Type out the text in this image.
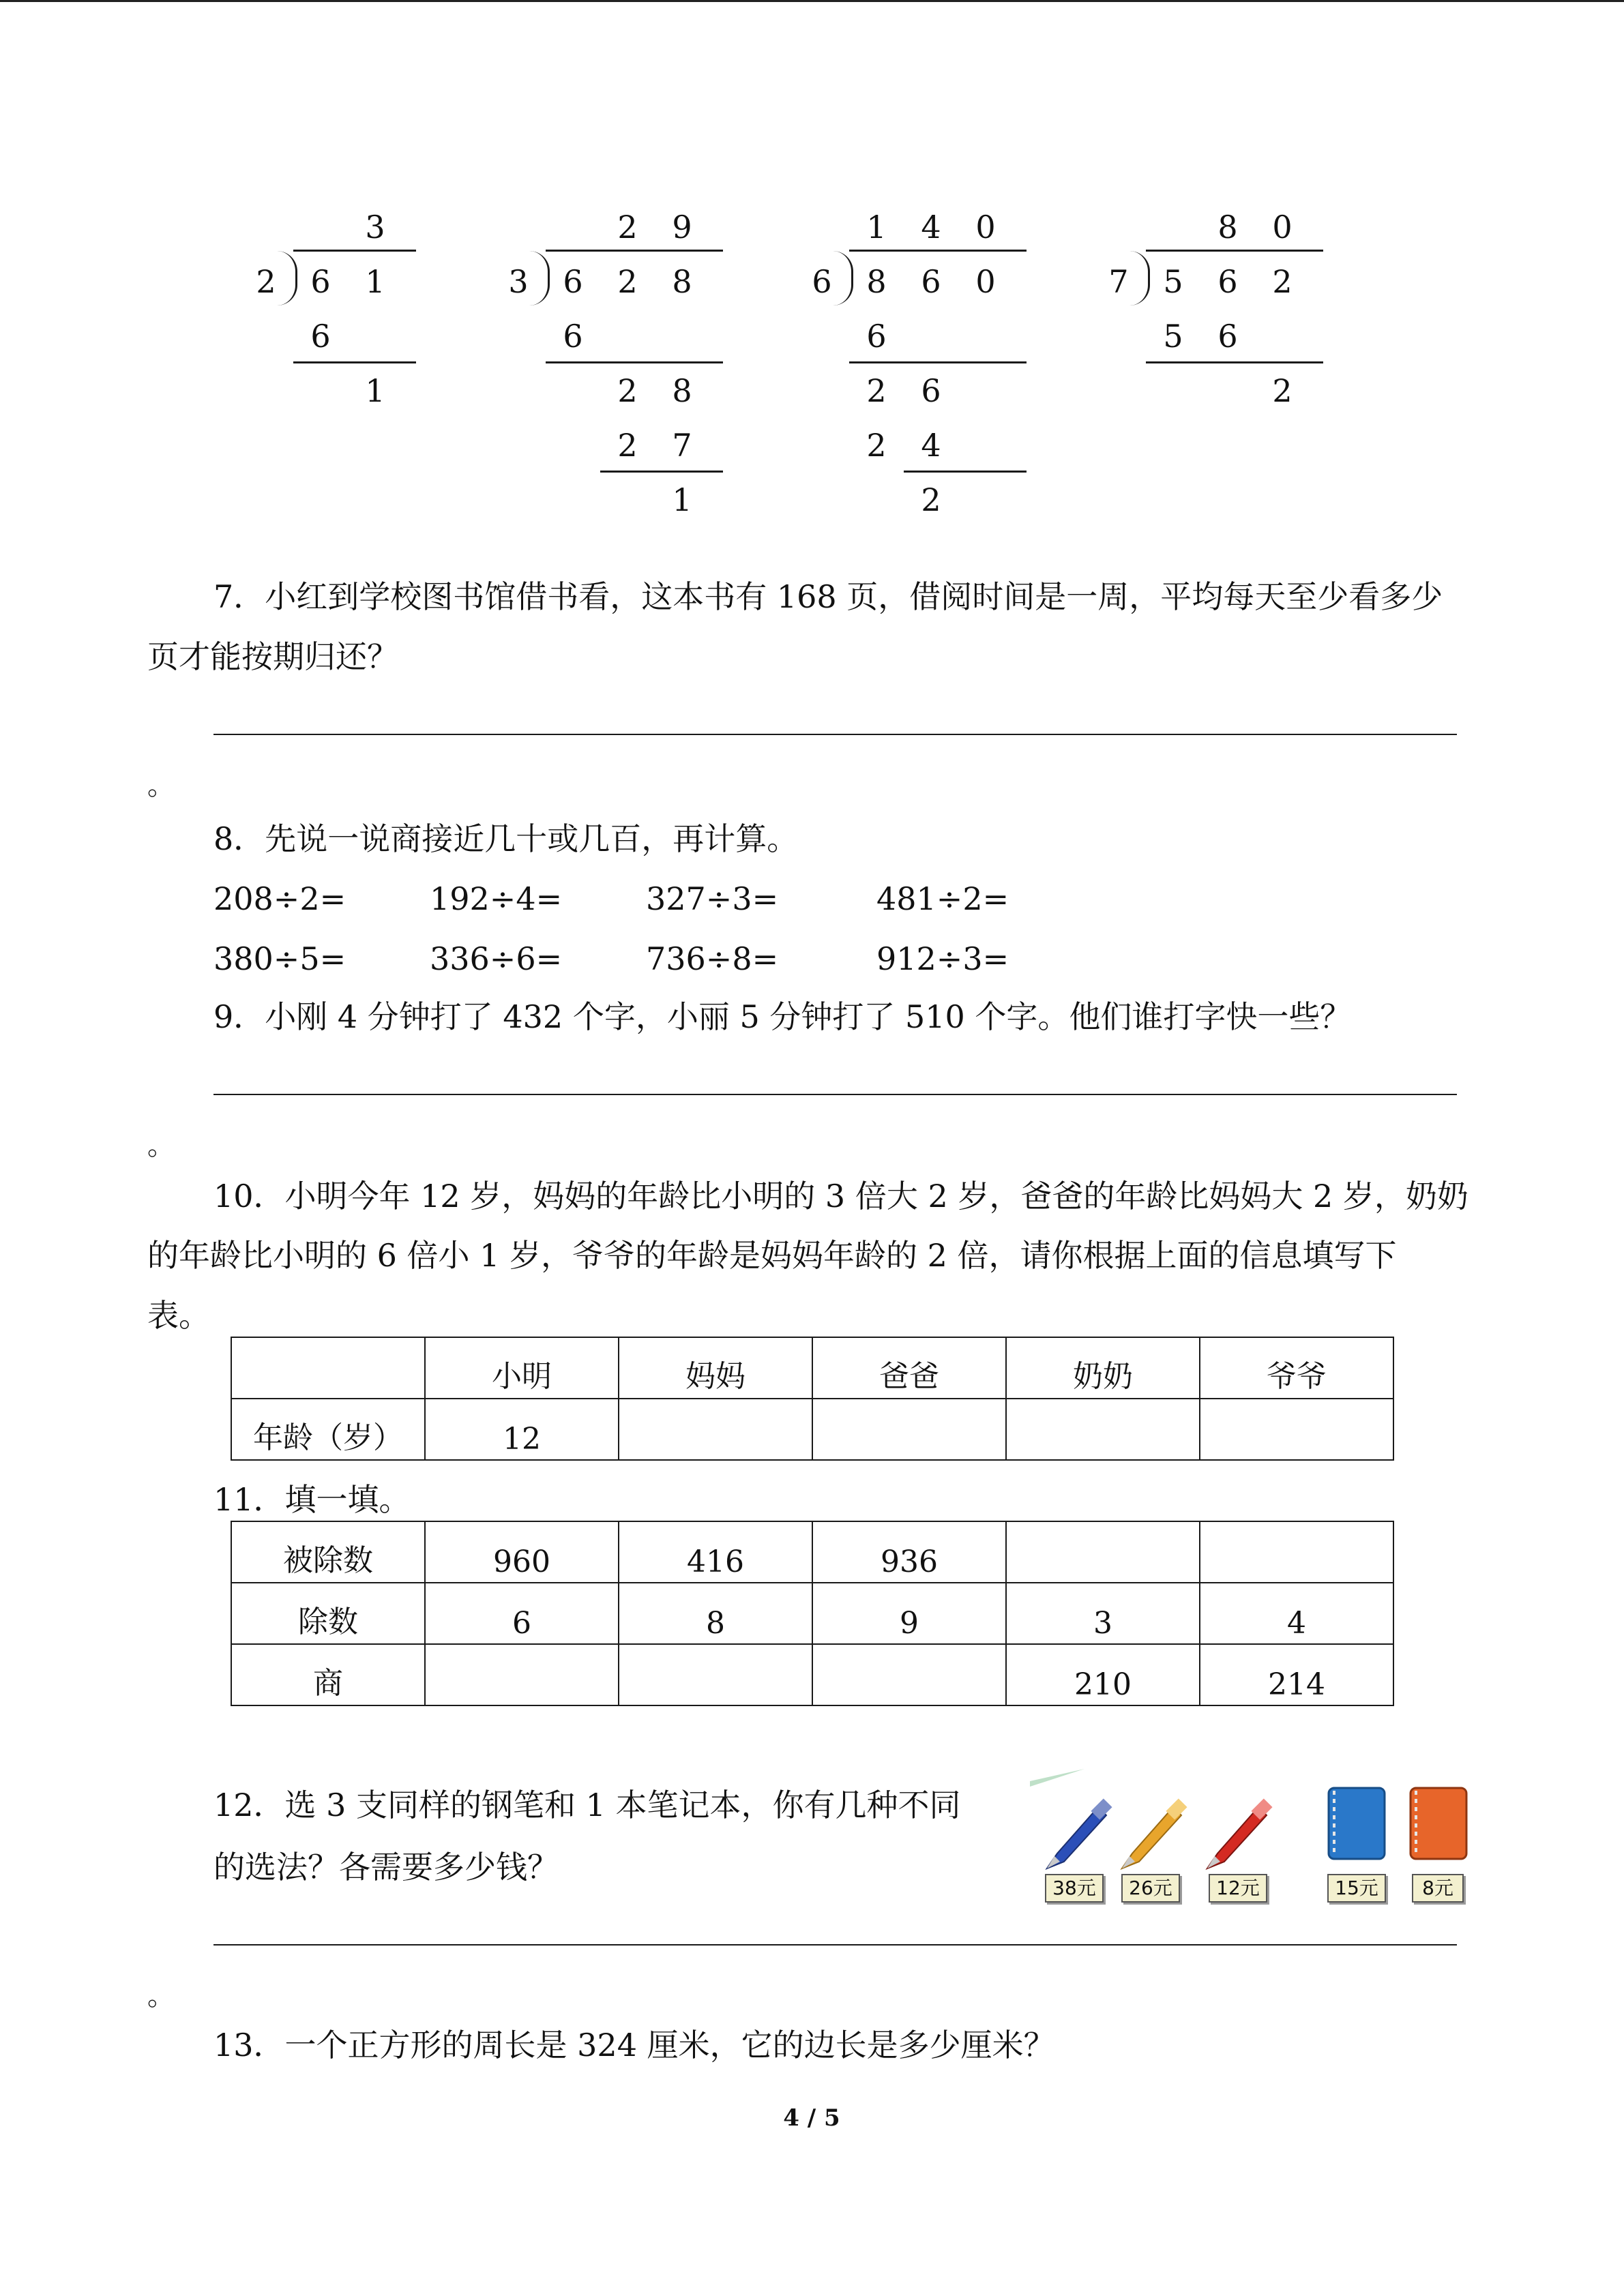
2
3
6 1
6
1
3
2 9
6 2 8
6
2 8
2 7
1
6
1 4 0
8 6 0
6
2 6
2 4
2
7
8 0
5 6 2
5 6
2
7．小红到学校图书馆借书看，这本书有 168 页，借阅时间是一周，平均每天至少看多少
页才能按期归还？
。
8．先说一说商接近几十或几百，再计算。
208÷2=	192÷4=	327÷3=	481÷2=
380÷5=	336÷6=	736÷8=	912÷3=
9．小刚 4 分钟打了 432 个字，小丽 5 分钟打了 510 个字。他们谁打字快一些？
。
10．小明今年 12 岁，妈妈的年龄比小明的 3 倍大 2 岁，爸爸的年龄比妈妈大 2 岁，奶奶
的年龄比小明的 6 倍小 1 岁，爷爷的年龄是妈妈年龄的 2 倍，请你根据上面的信息填写下
表。
	小明	妈妈	爸爸	奶奶	爷爷
年龄（岁）	12				
11．填一填。
被除数	960	416	936		
除数	6	8	9	3	4
商				210	214
12．选 3 支同样的钢笔和 1 本笔记本，你有几种不同
的选法？各需要多少钱？
38元	26元	12元	15元	8元
。
13．一个正方形的周长是 324 厘米，它的边长是多少厘米？
4 / 5
